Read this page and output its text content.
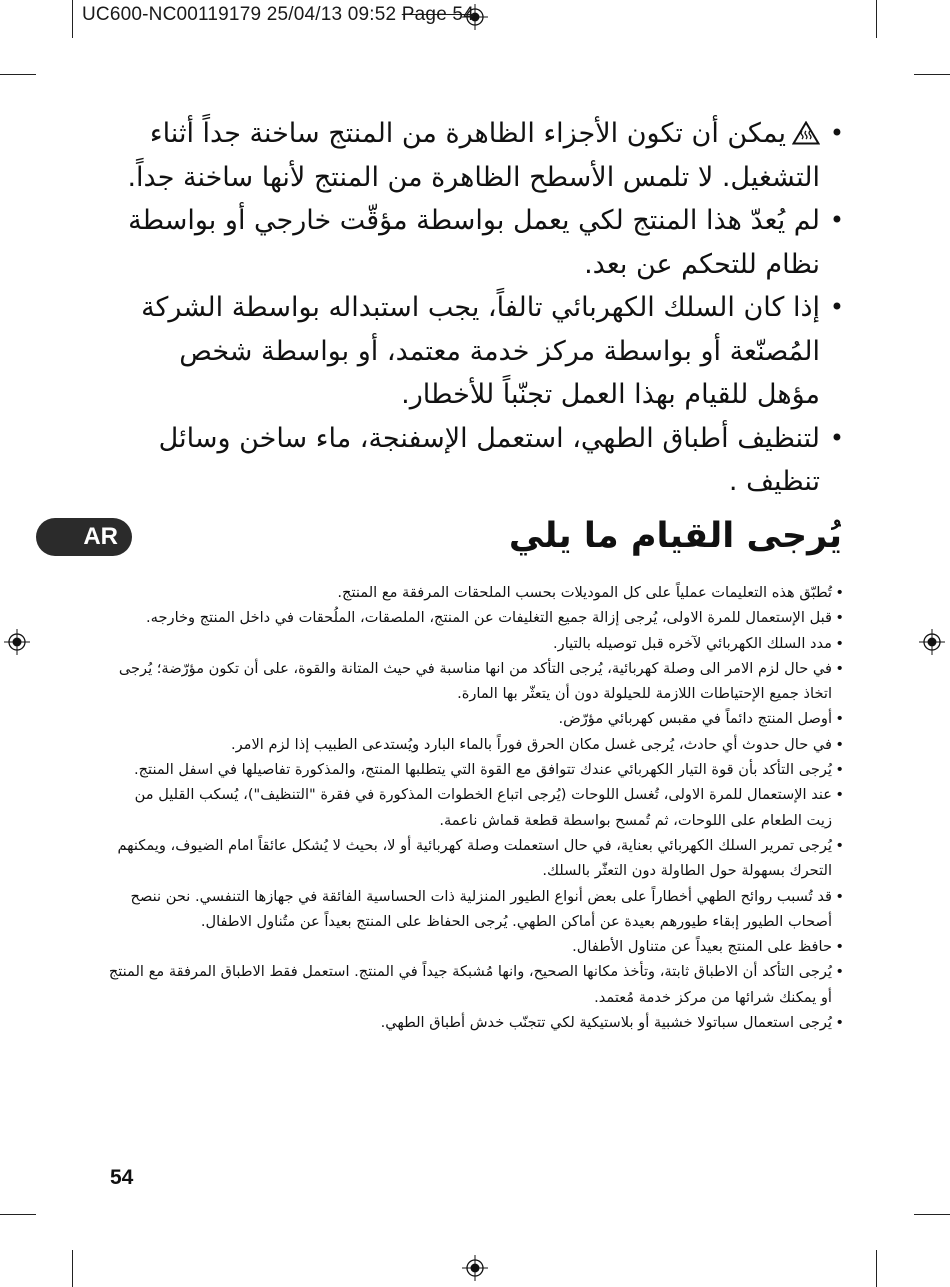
UC600-NC00119179 25/04/13 09:52 Page 54
• يمكن أن تكون الأجزاء الظاهرة من المنتج ساخنة جداً أثناء التشغيل. لا تلمس الأسطح الظاهرة من المنتج لأنها ساخنة جداً.
• لم يُعدّ هذا المنتج لكي يعمل بواسطة مؤقّت خارجي أو بواسطة نظام للتحكم عن بعد.
• إذا كان السلك الكهربائي تالفاً، يجب استبداله بواسطة الشركة المُصنّعة أو بواسطة مركز خدمة معتمد، أو بواسطة شخص مؤهل للقيام بهذا العمل تجنّباً للأخطار.
• لتنظيف أطباق الطهي، استعمل الإسفنجة، ماء ساخن وسائل تنظيف .
AR	يُرجى القيام ما يلي
• تُطبّق هذه التعليمات عملياً على كل الموديلات بحسب الملحقات المرفقة مع المنتج.
• قبل الإستعمال للمرة الاولى، يُرجى إزالة جميع التغليفات عن المنتج، الملصقات، الملُحقات في داخل المنتج وخارجه.
• مدد السلك الكهربائي لآخره قبل توصيله بالتيار.
• في حال لزم الامر الى وصلة كهربائية، يُرجى التأكد من انها مناسبة في حيث المتانة والقوة، على أن تكون مؤرّضة؛ يُرجى اتخاذ جميع الإحتياطات اللازمة للحيلولة دون أن يتعثّر بها المارة.
• أوصل المنتج دائماً في مقبس كهربائي مؤرّض.
• في حال حدوث أي حادث، يُرجى غسل مكان الحرق فوراً بالماء البارد ويُستدعى الطبيب إذا لزم الامر.
• يُرجى التأكد بأن قوة التيار الكهربائي عندك تتوافق مع القوة التي يتطلبها المنتج، والمذكورة تفاصيلها في اسفل المنتج.
• عند الإستعمال للمرة الاولى، تُغسل اللوحات (يُرجى اتباع الخطوات المذكورة في فقرة "التنظيف")، يُسكب القليل من زيت الطعام على اللوحات، ثم تُمسح بواسطة قطعة قماش ناعمة.
• يُرجى تمرير السلك الكهربائي بعناية، في حال استعملت وصلة كهربائية أو لا، بحيث لا يُشكل عائقاً امام الضيوف، ويمكنهم التحرك بسهولة حول الطاولة دون التعثّر بالسلك.
• قد تُسبب روائح الطهي أخطاراً على بعض أنواع الطيور المنزلية ذات الحساسية الفائقة في جهازها التنفسي. نحن ننصح أصحاب الطيور إبقاء طيورهم بعيدة عن أماكن الطهي. يُرجى الحفاظ على المنتج بعيداً عن متُناول الاطفال.
• حافظ على المنتج بعيداً عن متناول الأطفال.
• يُرجى التأكد أن الاطباق ثابتة، وتأخذ مكانها الصحيح، وانها مُشبكة جيداً في المنتج. استعمل فقط الاطباق المرفقة مع المنتج أو يمكنك شرائها من مركز خدمة مُعتمد.
• يُرجى استعمال سباتولا خشبية أو بلاستيكية لكي تتجنّب خدش أطباق الطهي.
54
